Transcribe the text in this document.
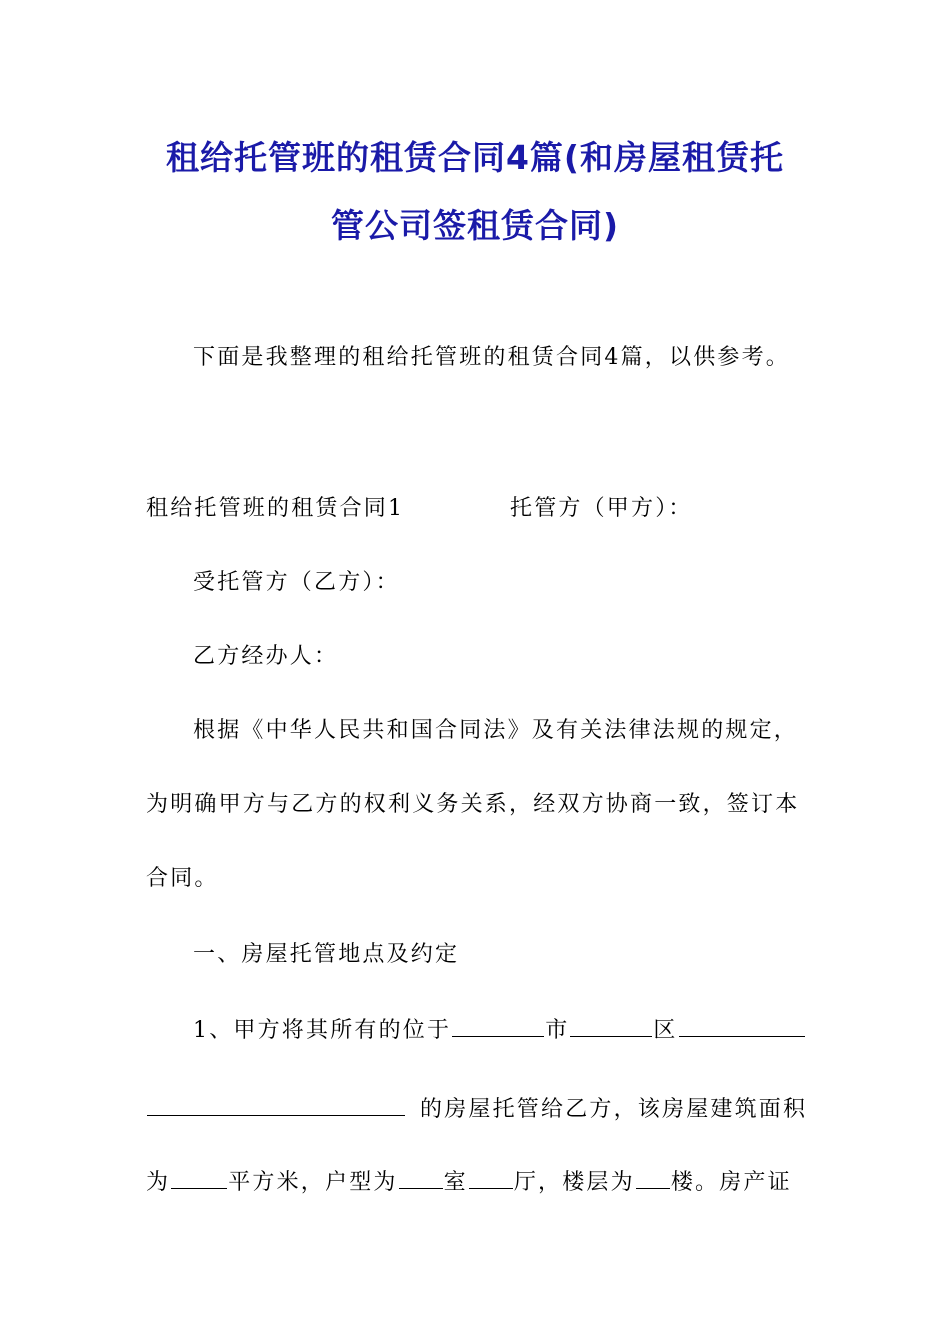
租给托管班的租赁合同4篇(和房屋租赁托
管公司签租赁合同)
下面是我整理的租给托管班的租赁合同4篇，以供参考。
租给托管班的租赁合同1	托管方（甲方）：
受托管方（乙方）：
乙方经办人：
根据《中华人民共和国合同法》及有关法律法规的规定，
为明确甲方与乙方的权利义务关系，经双方协商一致，签订本
合同。
一、房屋托管地点及约定
1、甲方将其所有的位于	市	区
的房屋托管给乙方，该房屋建筑面积
为	平方米，户型为 室 厅，楼层为 楼。房产证
